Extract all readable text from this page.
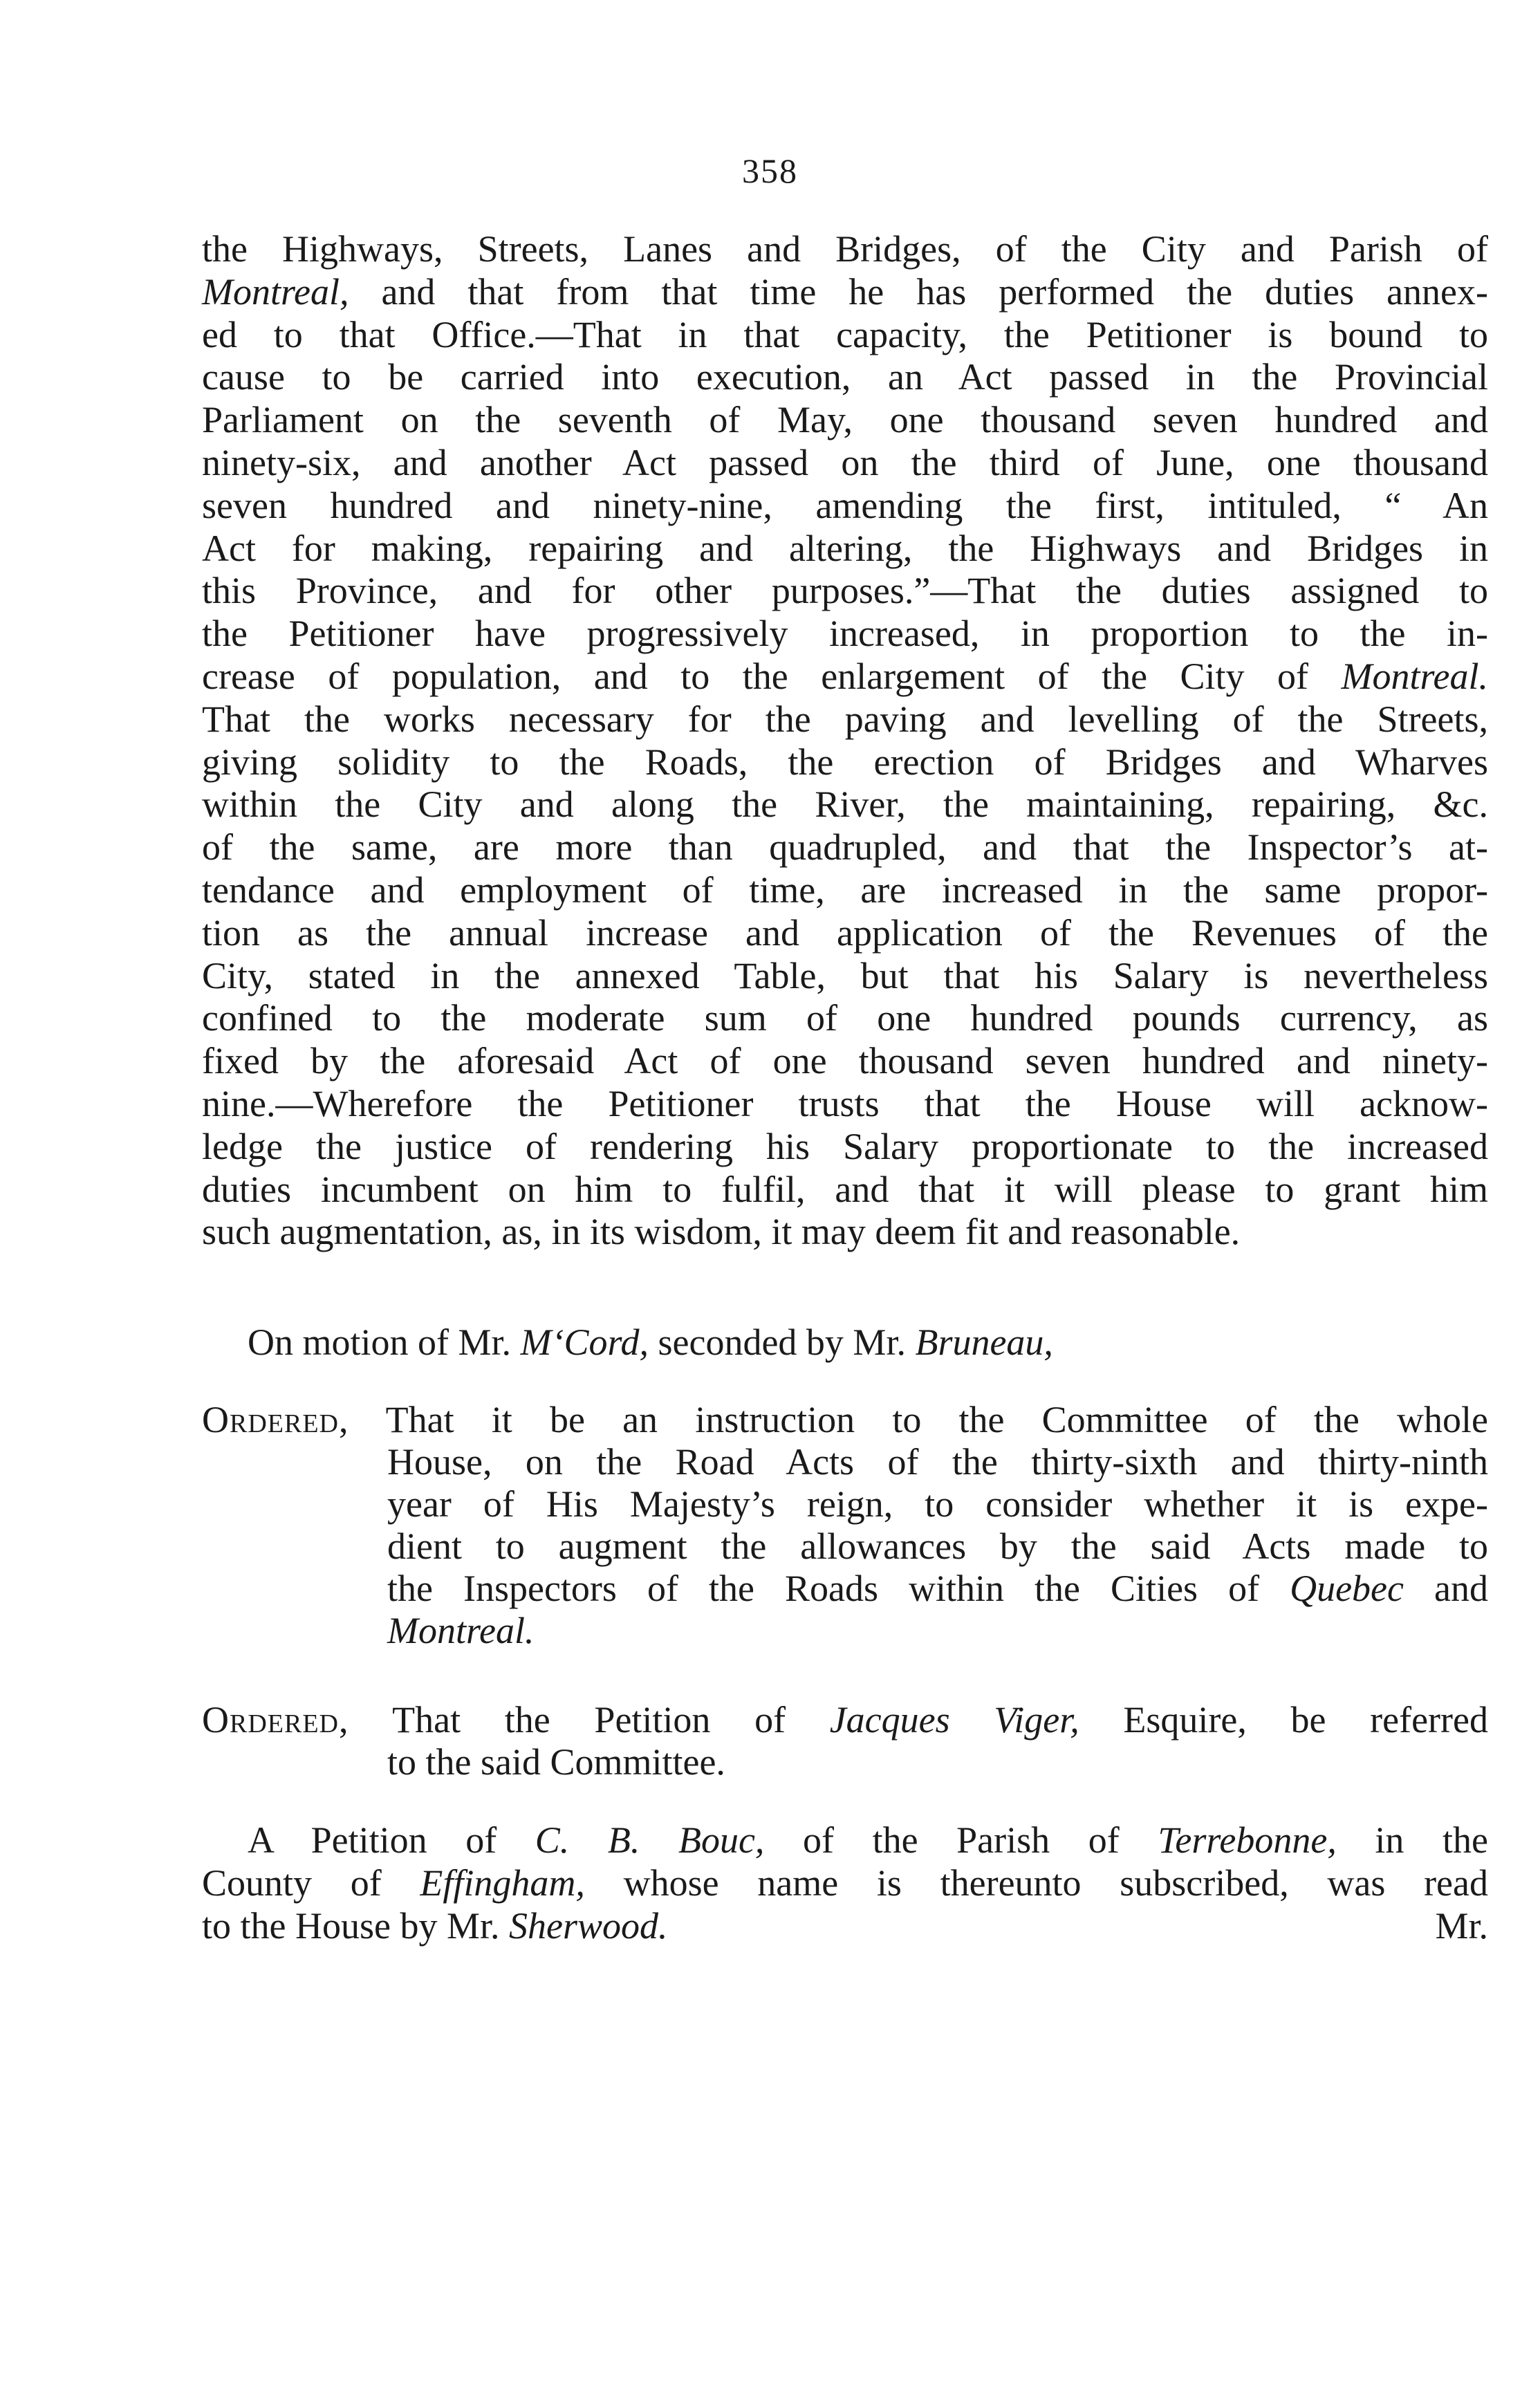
358
the Highways, Streets, Lanes and Bridges, of the City and Parish of
Montreal, and that from that time he has performed the duties annex-
ed to that Office.—That in that capacity, the Petitioner is bound to
cause to be carried into execution, an Act passed in the Provincial
Parliament on the seventh of May, one thousand seven hundred and
ninety-six, and another Act passed on the third of June, one thousand
seven hundred and ninety-nine, amending the first, intituled, “ An
Act for making, repairing and altering, the Highways and Bridges in
this Province, and for other purposes.”—That the duties assigned to
the Petitioner have progressively increased, in proportion to the in-
crease of population, and to the enlargement of the City of Montreal.
That the works necessary for the paving and levelling of the Streets,
giving solidity to the Roads, the erection of Bridges and Wharves
within the City and along the River, the maintaining, repairing, &c.
of the same, are more than quadrupled, and that the Inspector’s at-
tendance and employment of time, are increased in the same propor-
tion as the annual increase and application of the Revenues of the
City, stated in the annexed Table, but that his Salary is nevertheless
confined to the moderate sum of one hundred pounds currency, as
fixed by the aforesaid Act of one thousand seven hundred and ninety-
nine.—Wherefore the Petitioner trusts that the House will acknow-
ledge the justice of rendering his Salary proportionate to the increased
duties incumbent on him to fulfil, and that it will please to grant him
such augmentation, as, in its wisdom, it may deem fit and reasonable.
On motion of Mr. M‘Cord, seconded by Mr. Bruneau,
Ordered, That it be an instruction to the Committee of the whole
House, on the Road Acts of the thirty-sixth and thirty-ninth
year of His Majesty’s reign, to consider whether it is expe-
dient to augment the allowances by the said Acts made to
the Inspectors of the Roads within the Cities of Quebec and
Montreal.
Ordered, That the Petition of Jacques Viger, Esquire, be referred
to the said Committee.
A Petition of C. B. Bouc, of the Parish of Terrebonne, in the
County of Effingham, whose name is thereunto subscribed, was read
to the House by Mr. Sherwood.	Mr.
